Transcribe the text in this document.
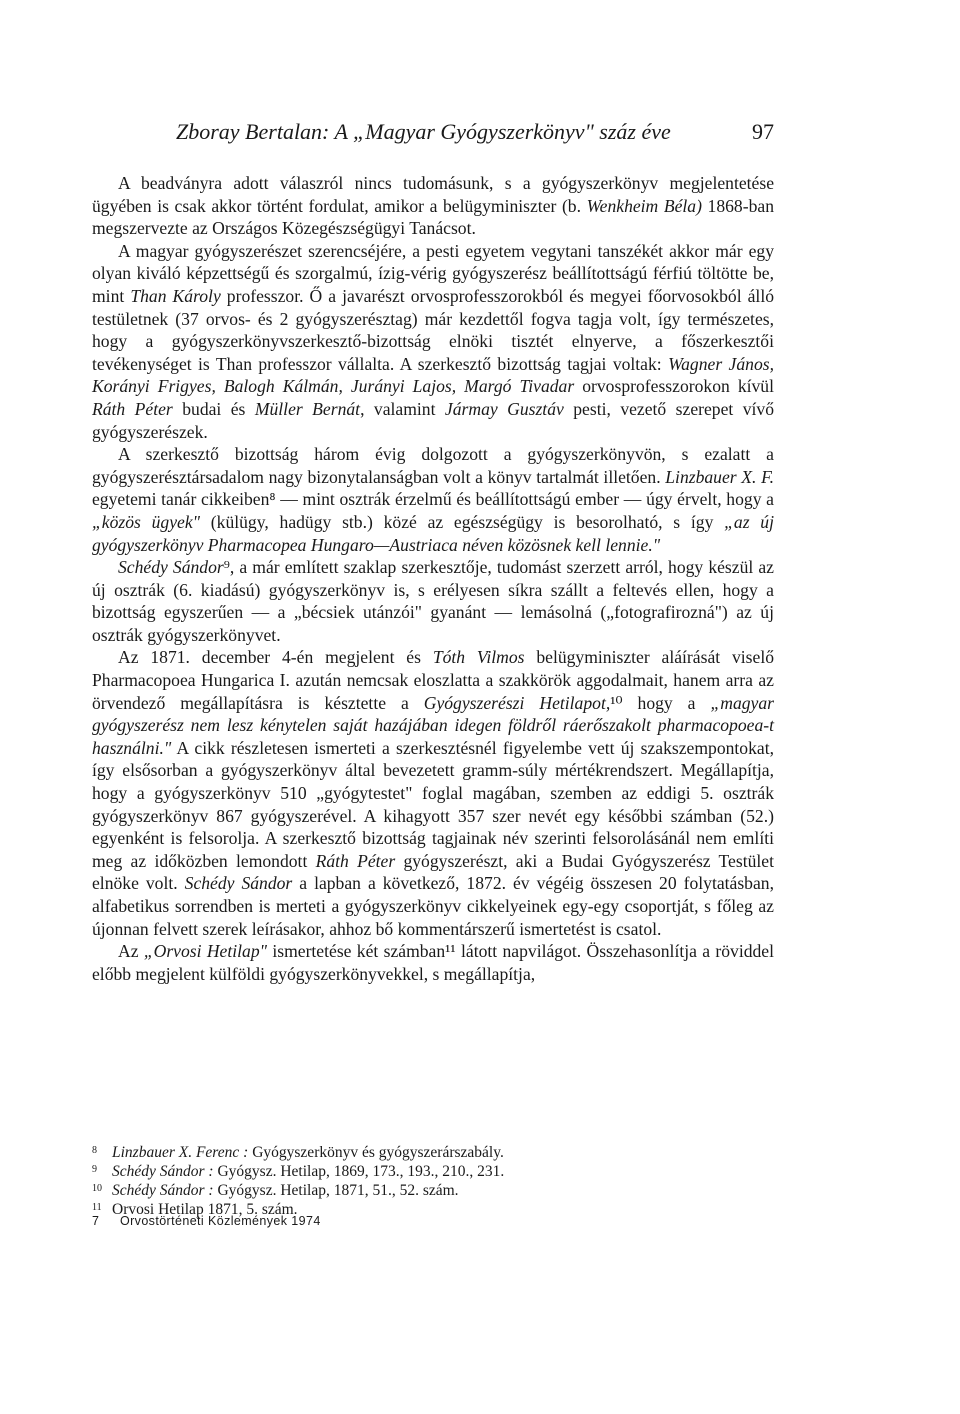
Zboray Bertalan: A „Magyar Gyógyszerkönyv" száz éve	97

A beadványra adott válaszról nincs tudomásunk, s a gyógyszerkönyv megjelentetése ügyében is csak akkor történt fordulat, amikor a belügyminiszter (b. Wenkheim Béla) 1868-ban megszervezte az Országos Közegészségügyi Tanácsot.

A magyar gyógyszerészet szerencséjére, a pesti egyetem vegytani tanszékét akkor már egy olyan kiváló képzettségű és szorgalmú, ízig-vérig gyógyszerész beállítottságú férfiú töltötte be, mint Than Károly professzor. Ő a javarészt orvosprofesszorokból és megyei főorvosokból álló testületnek (37 orvos- és 2 gyógyszerésztag) már kezdettől fogva tagja volt, így természetes, hogy a gyógyszerkönyvszerkesztő-bizottság elnöki tisztét elnyerve, a főszerkesztői tevékenységet is Than professzor vállalta. A szerkesztő bizottság tagjai voltak: Wagner János, Korányi Frigyes, Balogh Kálmán, Jurányi Lajos, Margó Tivadar orvosprofesszorokon kívül Ráth Péter budai és Müller Bernát, valamint Jármay Gusztáv pesti, vezető szerepet vívő gyógyszerészek.

A szerkesztő bizottság három évig dolgozott a gyógyszerkönyvön, s ezalatt a gyógyszerésztársadalom nagy bizonytalanságban volt a könyv tartalmát illetően. Linzbauer X. F. egyetemi tanár cikkeiben⁸ — mint osztrák érzelmű és beállítottságú ember — úgy érvelt, hogy a „közös ügyek" (külügy, hadügy stb.) közé az egészségügy is besorolható, s így „az új gyógyszerkönyv Pharmacopea Hungaro—Austriaca néven közösnek kell lennie."

Schédy Sándor⁹, a már említett szaklap szerkesztője, tudomást szerzett arról, hogy készül az új osztrák (6. kiadású) gyógyszerkönyv is, s erélyesen síkra szállt a feltevés ellen, hogy a bizottság egyszerűen — a „bécsiek utánzói" gyanánt — lemásolná („fotografirozná") az új osztrák gyógyszerkönyvet.

Az 1871. december 4-én megjelent és Tóth Vilmos belügyminiszter aláírását viselő Pharmacopoea Hungarica I. azután nemcsak eloszlatta a szakkörök aggodalmait, hanem arra az örvendező megállapításra is késztette a Gyógyszerészi Hetilapot,¹⁰ hogy a „magyar gyógyszerész nem lesz kénytelen saját hazájában idegen földről ráerőszakolt pharmacopoea-t használni." A cikk részletesen ismerteti a szerkesztésnél figyelembe vett új szakszempontokat, így elsősorban a gyógyszerkönyv által bevezetett gramm-súly mértékrendszert. Megállapítja, hogy a gyógyszerkönyv 510 „gyógytestet" foglal magában, szemben az eddigi 5. osztrák gyógyszerkönyv 867 gyógyszerével. A kihagyott 357 szer nevét egy későbbi számban (52.) egyenként is felsorolja. A szerkesztő bizottság tagjainak név szerinti felsorolásánál nem említi meg az időközben lemondott Ráth Péter gyógyszerészt, aki a Budai Gyógyszerész Testület elnöke volt. Schédy Sándor a lapban a következő, 1872. év végéig összesen 20 folytatásban, alfabetikus sorrendben is merteti a gyógyszerkönyv cikkelyeinek egy-egy csoportját, s főleg az újonnan felvett szerek leírásakor, ahhoz bő kommentárszerű ismertetést is csatol.

Az „Orvosi Hetilap" ismertetése két számban¹¹ látott napvilágot. Összehasonlítja a röviddel előbb megjelent külföldi gyógyszerkönyvekkel, s megállapítja,

8 Linzbauer X. Ferenc : Gyógyszerkönyv és gyógyszerárszabály.
9 Schédy Sándor : Gyógysz. Hetilap, 1869, 173., 193., 210., 231.
10 Schédy Sándor : Gyógysz. Hetilap, 1871, 51., 52. szám.
11 Orvosi Hetilap 1871, 5. szám.
7 Orvostörténeti Közlemények 1974
